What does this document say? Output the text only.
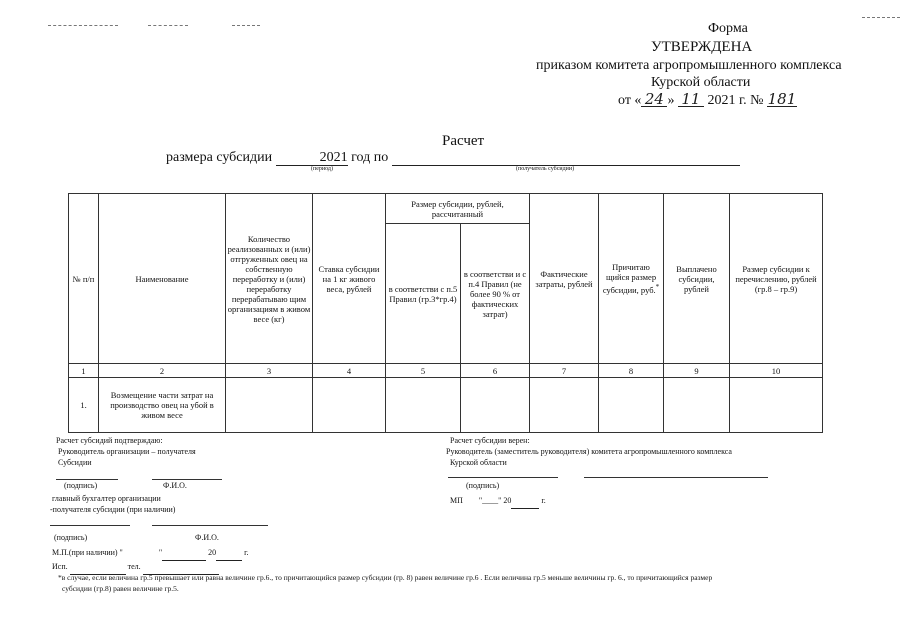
Форма
УТВЕРЖДЕНА
приказом комитета агропромышленного комплекса
Курской области
от « 24 » 11 2021 г. № 181
Расчет
размера субсидии	2021 год по
(период)	(получатель субсидии)
№ п/п	Наименование	Количество реализованных и (или) отгруженных овец на собственную переработку и (или) переработку перерабатываю щим организациям в живом весе (кг)	Ставка субсидии на 1 кг живого веса, рублей	Размер субсидии, рублей, рассчитанный		Фактические затраты, рублей	Причитаю щийся размер субсидии, руб.*	Выплачено субсидии, рублей	Размер субсидии к перечислению, рублей (гр.8 – гр.9)
				в соответстви с п.5 Правил (гр.3*гр.4)	в соответстви и с п.4 Правил (не более 90 % от фактических затрат)				
1	2	3	4	5	6	7	8	9	10
1.	Возмещение части затрат на производство овец на убой в живом весе								
Расчет субсидий подтверждаю:
Руководитель организации – получателя
Субсидии
(подпись)	Ф.И.О.
главный бухгалтер организации
-получателя субсидии (при наличии)
(подпись)	Ф.И.О.
М.П.(при наличии) "	"	20	г.
Исп.	тел.
Расчет субсидии верен:
Руководитель (заместитель руководителя) комитета агропромышленного комплекса
Курской области
(подпись)
МП "____" 20	г.
*в случае, если величина гр.5 превышает или равна величине гр.6., то причитающийся размер субсидии (гр. 8) равен величине гр.6 . Если величина гр.5 меньше величины гр. 6., то причитающийся размер
субсидии (гр.8) равен величине гр.5.
